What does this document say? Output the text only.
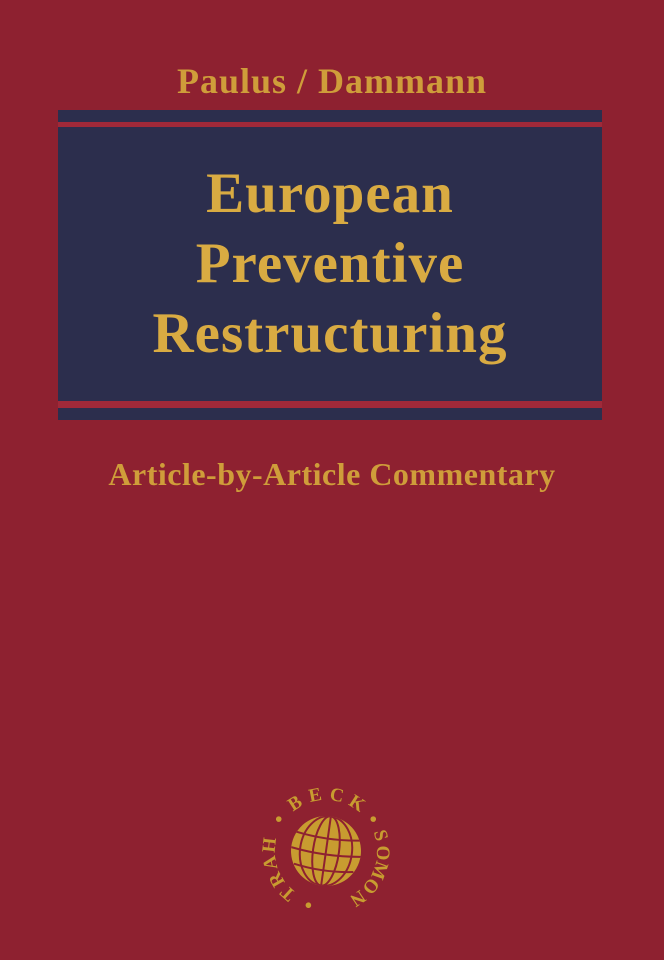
Paulus / Dammann
European
Preventive
Restructuring
Article-by-Article Commentary
B E C K
H
A
R
T N
O
M
O
S
